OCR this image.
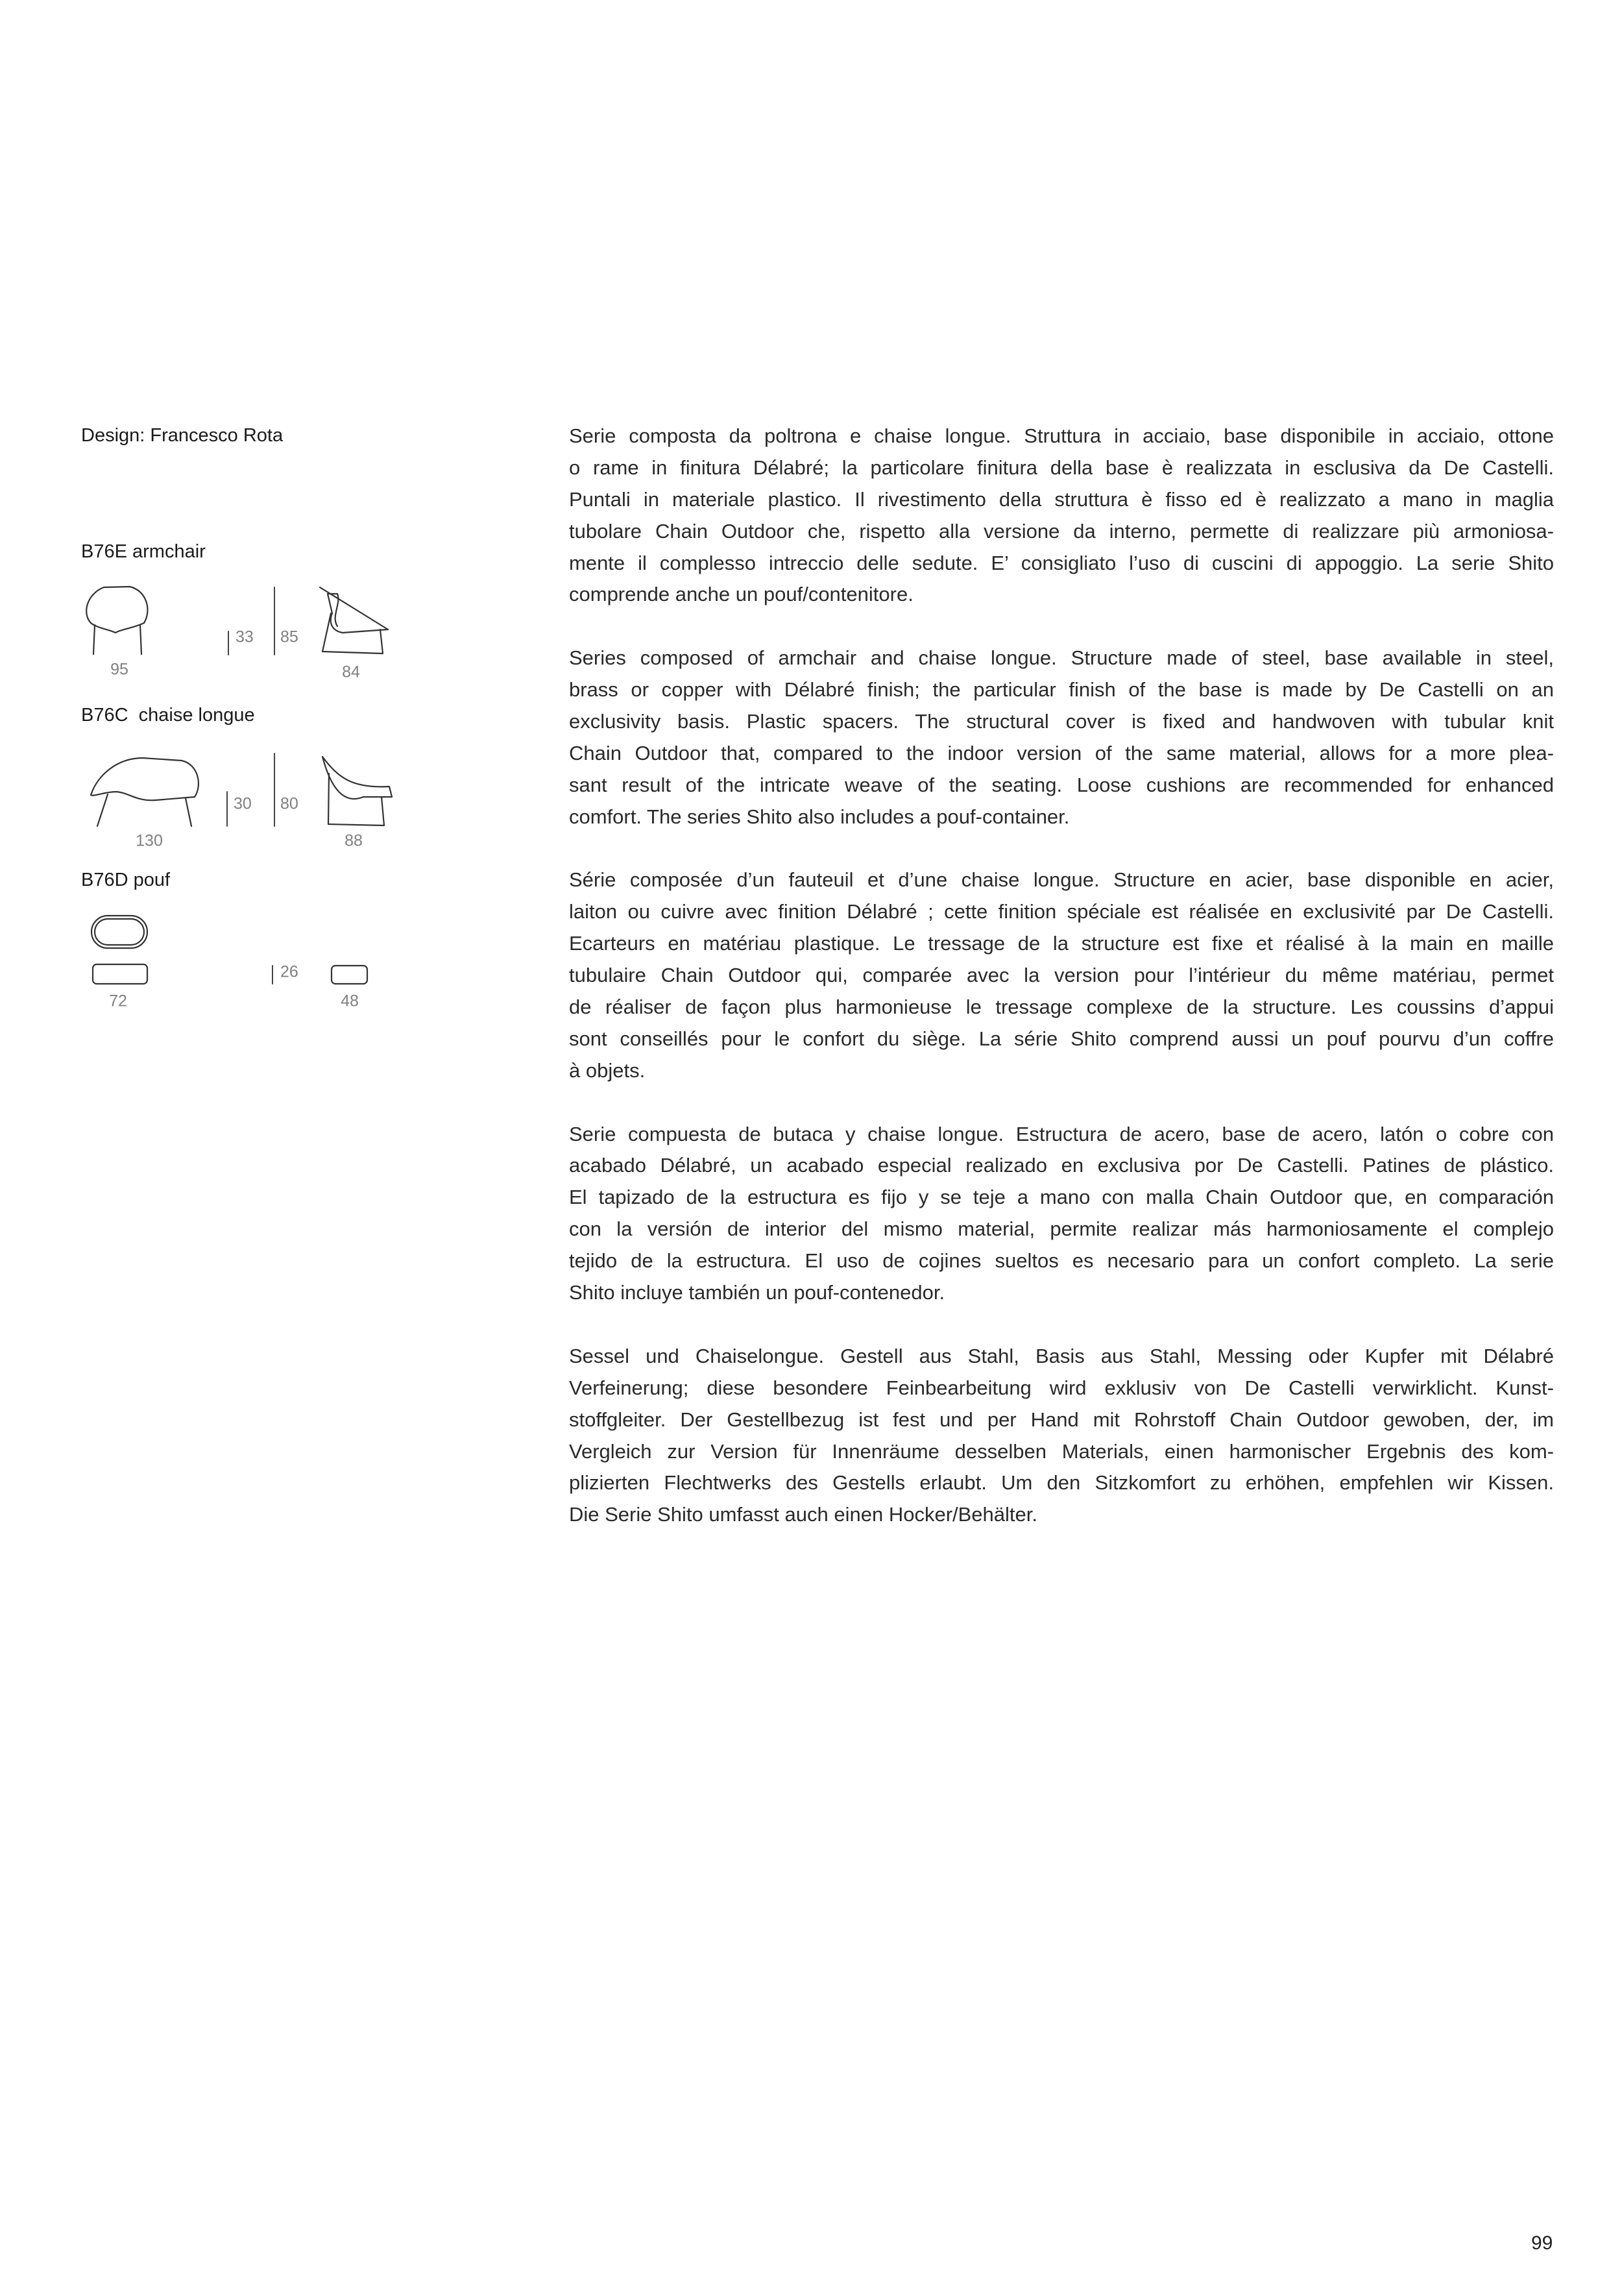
Design: Francesco Rota
B76E armchair
B76C  chaise longue
B76D pouf
95
33 85
84
130
30 80
88
72
26
48
Serie composta da poltrona e chaise longue. Struttura in acciaio, base disponibile in acciaio, ottone
o rame in finitura Délabré; la particolare finitura della base è realizzata in esclusiva da De Castelli.
Puntali in materiale plastico. Il rivestimento della struttura è fisso ed è realizzato a mano in maglia
tubolare Chain Outdoor che, rispetto alla versione da interno, permette di realizzare più armoniosa-
mente il complesso intreccio delle sedute. E’ consigliato l’uso di cuscini di appoggio. La serie Shito
comprende anche un pouf/contenitore.
Series composed of armchair and chaise longue. Structure made of steel, base available in steel,
brass or copper with Délabré finish; the particular finish of the base is made by De Castelli on an
exclusivity basis. Plastic spacers. The structural cover is fixed and handwoven with tubular knit
Chain Outdoor that, compared to the indoor version of the same material, allows for a more plea-
sant result of the intricate weave of the seating. Loose cushions are recommended for enhanced
comfort. The series Shito also includes a pouf-container.
Série composée d’un fauteuil et d’une chaise longue. Structure en acier, base disponible en acier,
laiton ou cuivre avec finition Délabré ; cette finition spéciale est réalisée en exclusivité par De Castelli.
Ecarteurs en matériau plastique. Le tressage de la structure est fixe et réalisé à la main en maille
tubulaire Chain Outdoor qui, comparée avec la version pour l’intérieur du même matériau, permet
de réaliser de façon plus harmonieuse le tressage complexe de la structure. Les coussins d’appui
sont conseillés pour le confort du siège. La série Shito comprend aussi un pouf pourvu d’un coffre
à objets.
Serie compuesta de butaca y chaise longue. Estructura de acero, base de acero, latón o cobre con
acabado Délabré, un acabado especial realizado en exclusiva por De Castelli. Patines de plástico.
El tapizado de la estructura es fijo y se teje a mano con malla Chain Outdoor que, en comparación
con la versión de interior del mismo material, permite realizar más harmoniosamente el complejo
tejido de la estructura. El uso de cojines sueltos es necesario para un confort completo. La serie
Shito incluye también un pouf-contenedor.
Sessel und Chaiselongue. Gestell aus Stahl, Basis aus Stahl, Messing oder Kupfer mit Délabré
Verfeinerung; diese besondere Feinbearbeitung wird exklusiv von De Castelli verwirklicht. Kunst-
stoffgleiter. Der Gestellbezug ist fest und per Hand mit Rohrstoff Chain Outdoor gewoben, der, im
Vergleich zur Version für Innenräume desselben Materials, einen harmonischer Ergebnis des kom-
plizierten Flechtwerks des Gestells erlaubt. Um den Sitzkomfort zu erhöhen, empfehlen wir Kissen.
Die Serie Shito umfasst auch einen Hocker/Behälter.
99
